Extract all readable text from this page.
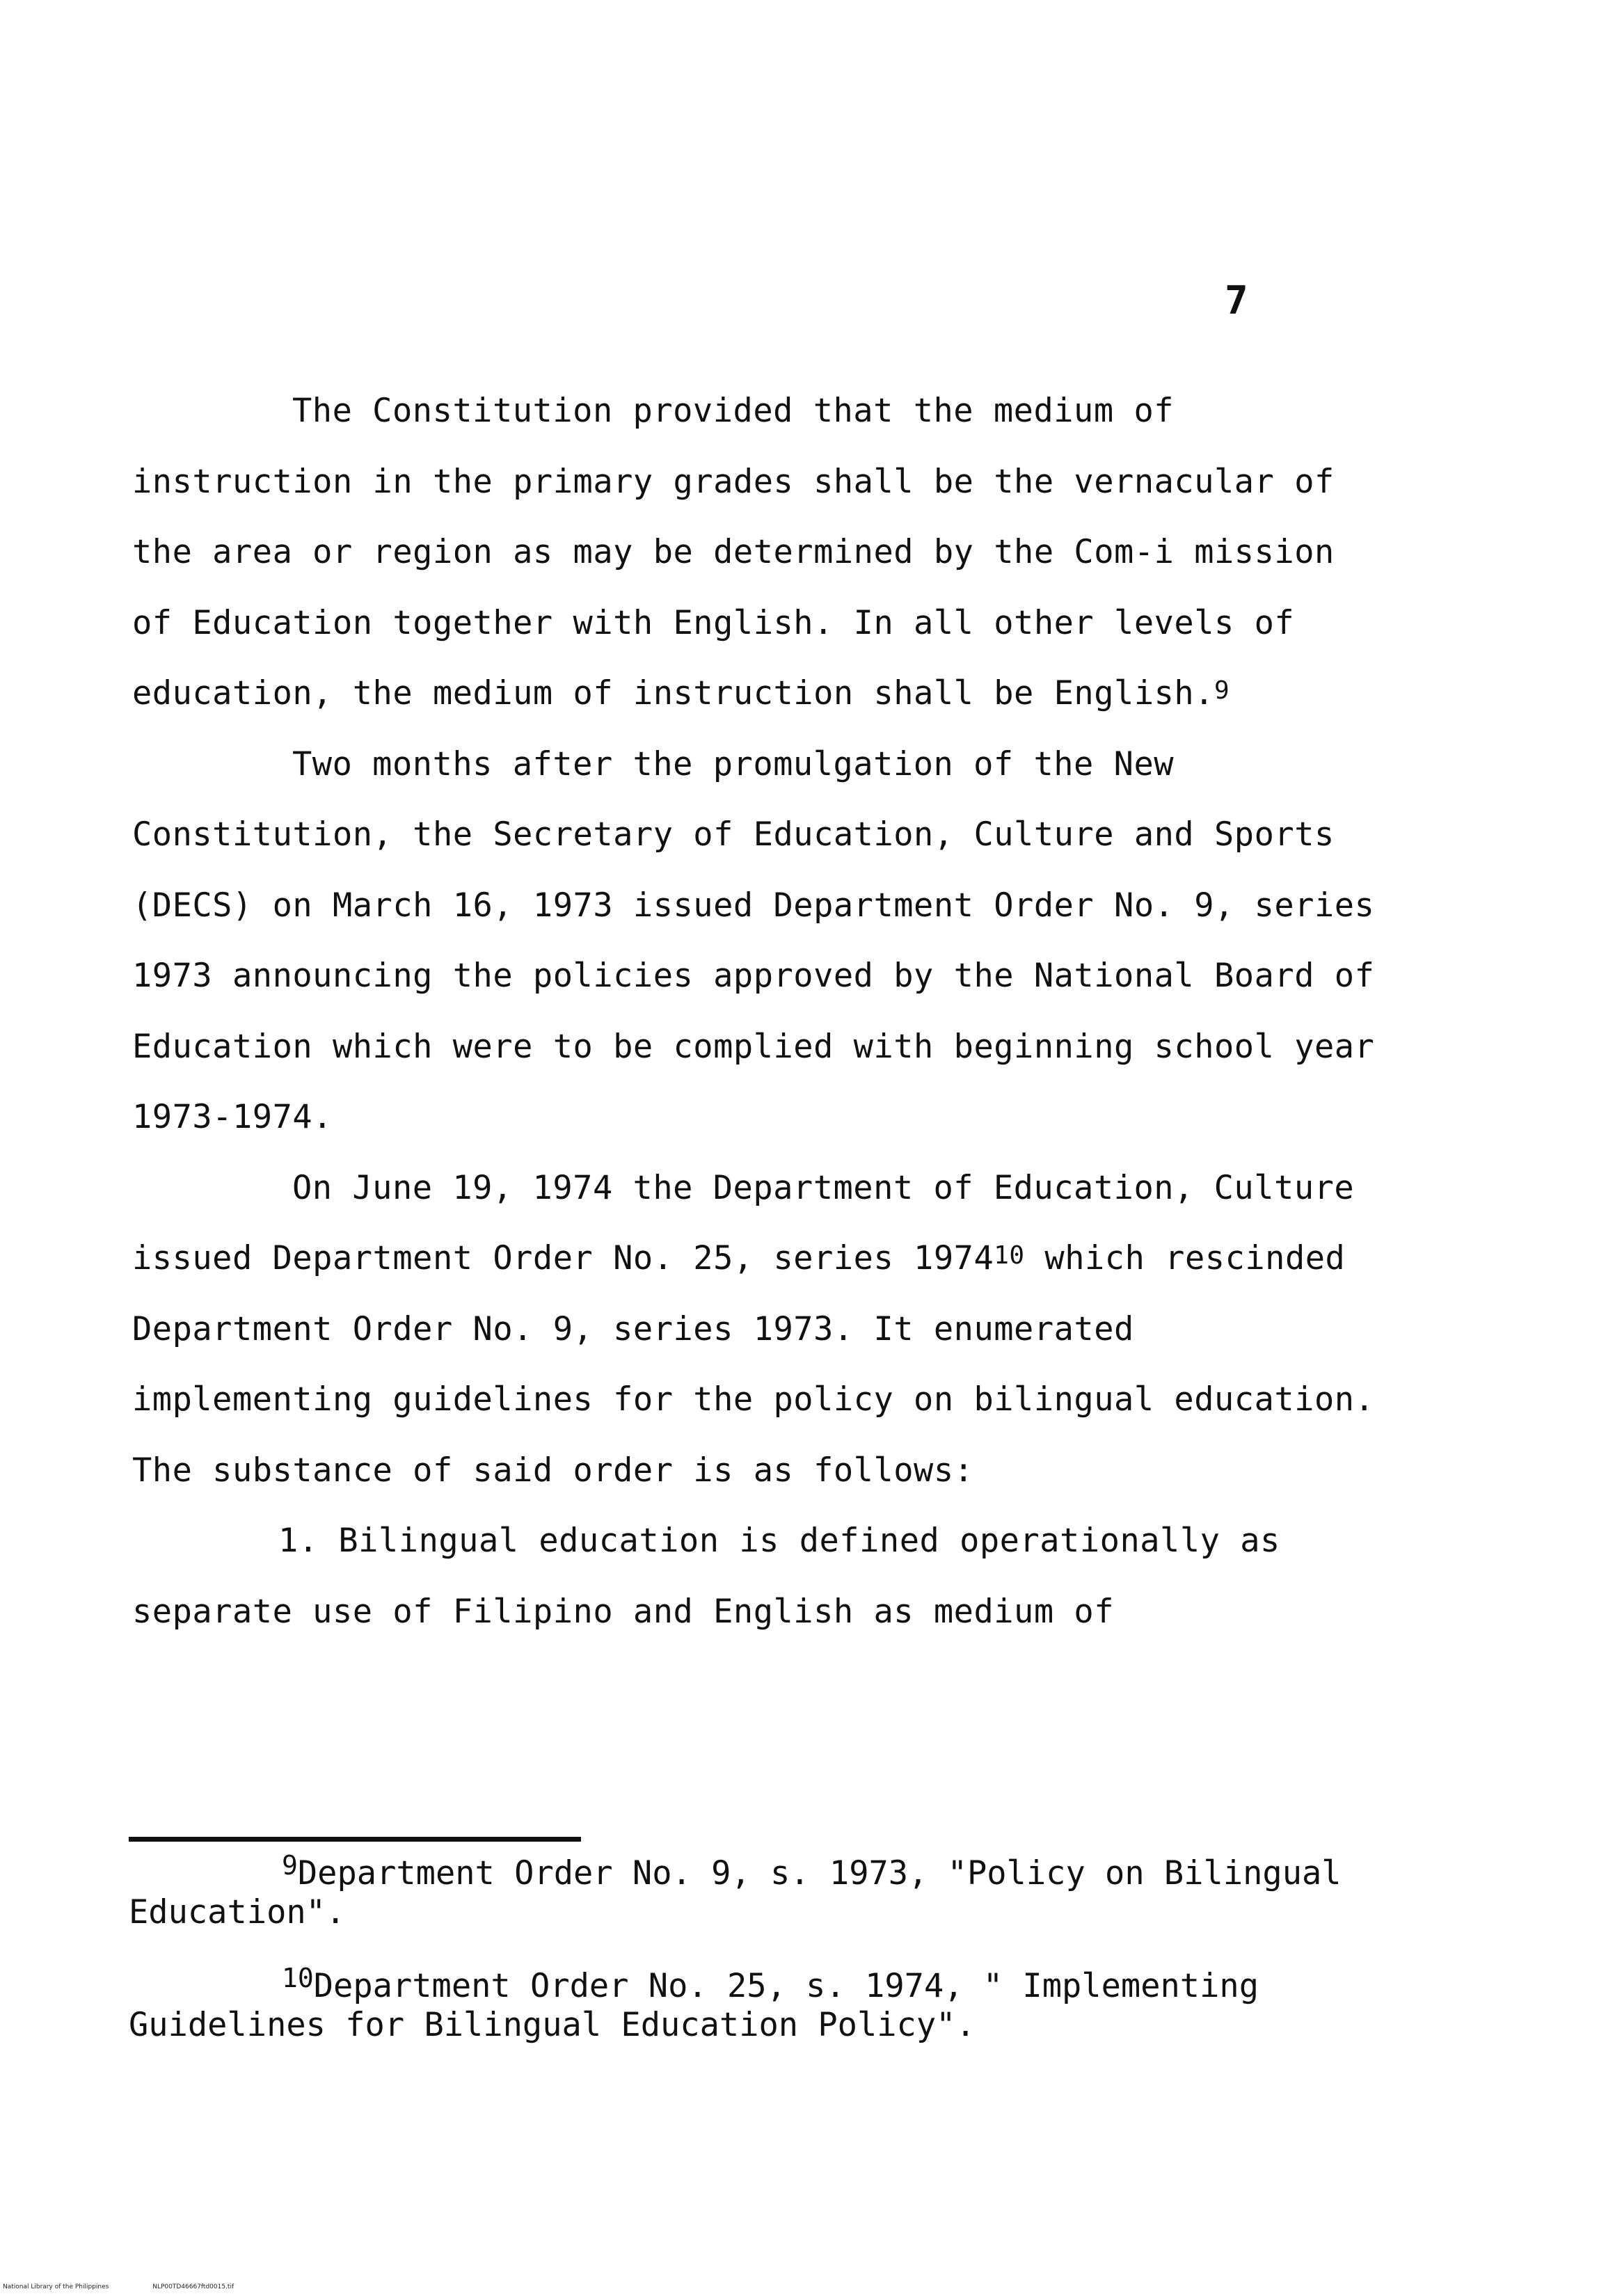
7

The Constitution provided that the medium of instruction in the primary grades shall be the vernacular of the area or region as may be determined by the Com-i mission of Education together with English. In all other levels of education, the medium of instruction shall be English.$^9$

Two months after the promulgation of the New Constitution, the Secretary of Education, Culture and Sports (DECS) on March 16, 1973 issued Department Order No. 9, series 1973 announcing the policies approved by the National Board of Education which were to be complied with beginning school year 1973-1974.

On June 19, 1974 the Department of Education, Culture issued Department Order No. 25, series 1974$^{10}$ which rescinded Department Order No. 9, series 1973. It enumerated implementing guidelines for the policy on bilingual education. The substance of said order is as follows:

1. Bilingual education is defined operationally as separate use of Filipino and English as medium of

$^9$Department Order No. 9, s. 1973, "Policy on Bilingual Education".

$^{10}$Department Order No. 25, s. 1974, " Implementing Guidelines for Bilingual Education Policy".

National Library of the Philippines	NLP00TD46667ftd0015.tif
